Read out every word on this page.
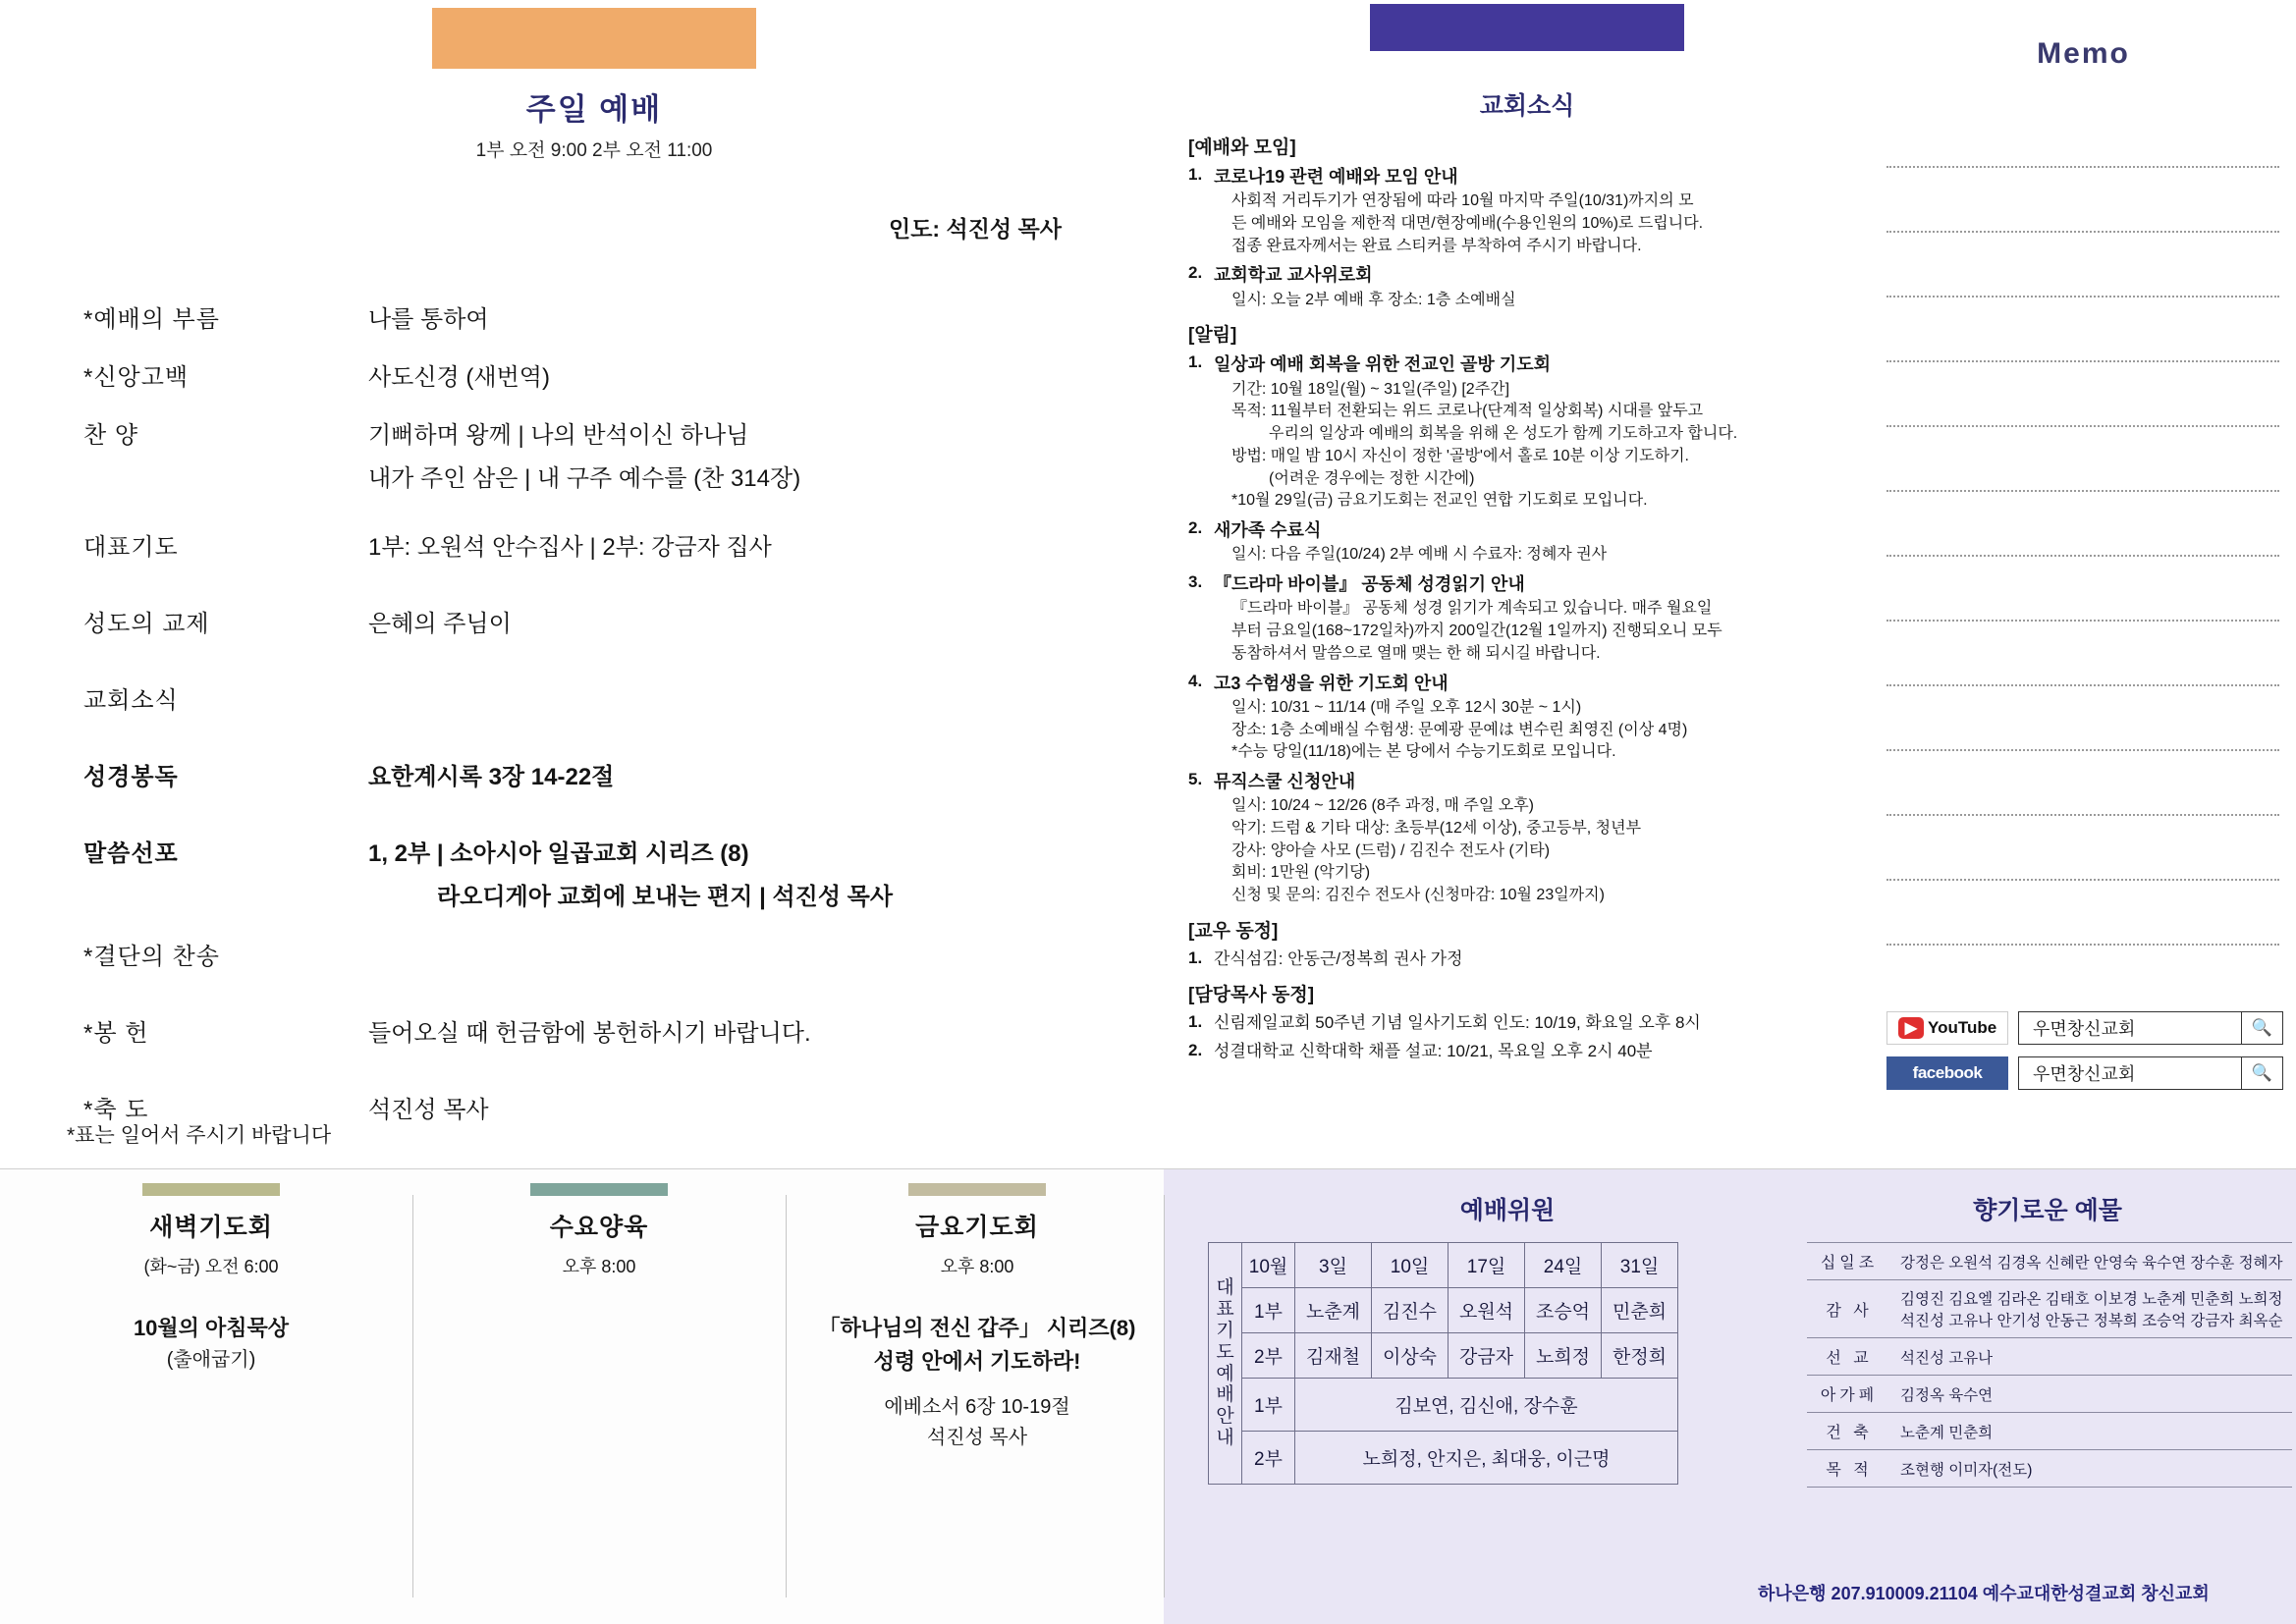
주일 예배
1부 오전 9:00 2부 오전 11:00
인도: 석진성 목사
*예배의 부름	나를 통하여
*신앙고백	사도신경 (새번역)
찬 양	기뻐하며 왕께 | 나의 반석이신 하나님
내가 주인 삼은 | 내 구주 예수를 (찬 314장)
대표기도	1부: 오원석 안수집사 | 2부: 강금자 집사
성도의 교제	은혜의 주님이
교회소식
성경봉독	요한계시록 3장 14-22절
말씀선포	1, 2부 | 소아시아 일곱교회 시리즈 (8)
라오디게아 교회에 보내는 편지 | 석진성 목사
*결단의 찬송
*봉 헌	들어오실 때 헌금함에 봉헌하시기 바랍니다.
*축 도	석진성 목사
*표는 일어서 주시기 바랍니다
교회소식
[예배와 모임]
1. 코로나19 관련 예배와 모임 안내
사회적 거리두기가 연장됨에 따라 10월 마지막 주일(10/31)까지의 모
든 예배와 모임을 제한적 대면/현장예배(수용인원의 10%)로 드립니다.
접종 완료자께서는 완료 스티커를 부착하여 주시기 바랍니다.
2. 교회학교 교사위로회
일시: 오늘 2부 예배 후 장소: 1층 소예배실
[알림]
1. 일상과 예배 회복을 위한 전교인 골방 기도회
기간: 10월 18일(월) ~ 31일(주일) [2주간]
목적: 11월부터 전환되는 위드 코로나(단계적 일상회복) 시대를 앞두고
우리의 일상과 예배의 회복을 위해 온 성도가 함께 기도하고자 합니다.
방법: 매일 밤 10시 자신이 정한 '골방'에서 홀로 10분 이상 기도하기.
(어려운 경우에는 정한 시간에)
*10월 29일(금) 금요기도회는 전교인 연합 기도회로 모입니다.
2. 새가족 수료식
일시: 다음 주일(10/24) 2부 예배 시 수료자: 정혜자 권사
3. 『드라마 바이블』 공동체 성경읽기 안내
『드라마 바이블』 공동체 성경 읽기가 계속되고 있습니다. 매주 월요일
부터 금요일(168~172일차)까지 200일간(12월 1일까지) 진행되오니 모두
동참하셔서 말씀으로 열매 맺는 한 해 되시길 바랍니다.
4. 고3 수험생을 위한 기도회 안내
일시: 10/31 ~ 11/14 (매 주일 오후 12시 30분 ~ 1시)
장소: 1층 소예배실 수험생: 문예광 문예は 변수린 최영진 (이상 4명)
*수능 당일(11/18)에는 본 당에서 수능기도회로 모입니다.
5. 뮤직스쿨 신청안내
일시: 10/24 ~ 12/26 (8주 과정, 매 주일 오후)
악기: 드럼 & 기타 대상: 초등부(12세 이상), 중고등부, 청년부
강사: 양아슬 사모 (드럼) / 김진수 전도사 (기타)
회비: 1만원 (악기당)
신청 및 문의: 김진수 전도사 (신청마감: 10월 23일까지)
[교우 동정]
1. 간식섬김: 안동근/정복희 권사 가정
[담당목사 동정]
1. 신림제일교회 50주년 기념 일사기도회 인도: 10/19, 화요일 오후 8시
2. 성결대학교 신학대학 채플 설교: 10/21, 목요일 오후 2시 40분
Memo
▶ YouTube	우면창신교회	🔍
facebook	우면창신교회	🔍
새벽기도회
(화~금) 오전 6:00
10월의 아침묵상
(출애굽기)
수요양육
오후 8:00
금요기도회
오후 8:00
「하나님의 전신 갑주」 시리즈(8)
성령 안에서 기도하라!
에베소서 6장 10-19절
석진성 목사
예배위원
대
표
기
도
예
배
안
내	10월	3일	10일	17일	24일	31일
	1부	노춘계	김진수	오원석	조승억	민춘희
	2부	김재철	이상숙	강금자	노희정	한정희
	1부	김보연, 김신애, 장수훈				
	2부	노희정, 안지은, 최대웅, 이근명				
향기로운 예물
십일조	강정은 오원석 김경옥 신혜란 안영숙 육수연 장수훈 정혜자
감 사	김영진 김요엘 김라온 김태호 이보경 노춘계 민춘희 노희정
석진성 고유나 안기성 안동근 정복희 조승억 강금자 최옥순

선 교	석진성 고유나
아가페	김정옥 육수연
건 축	노춘계 민춘희
목 적	조현행 이미자(전도)
하나은행 207.910009.21104 예수교대한성결교회 창신교회
